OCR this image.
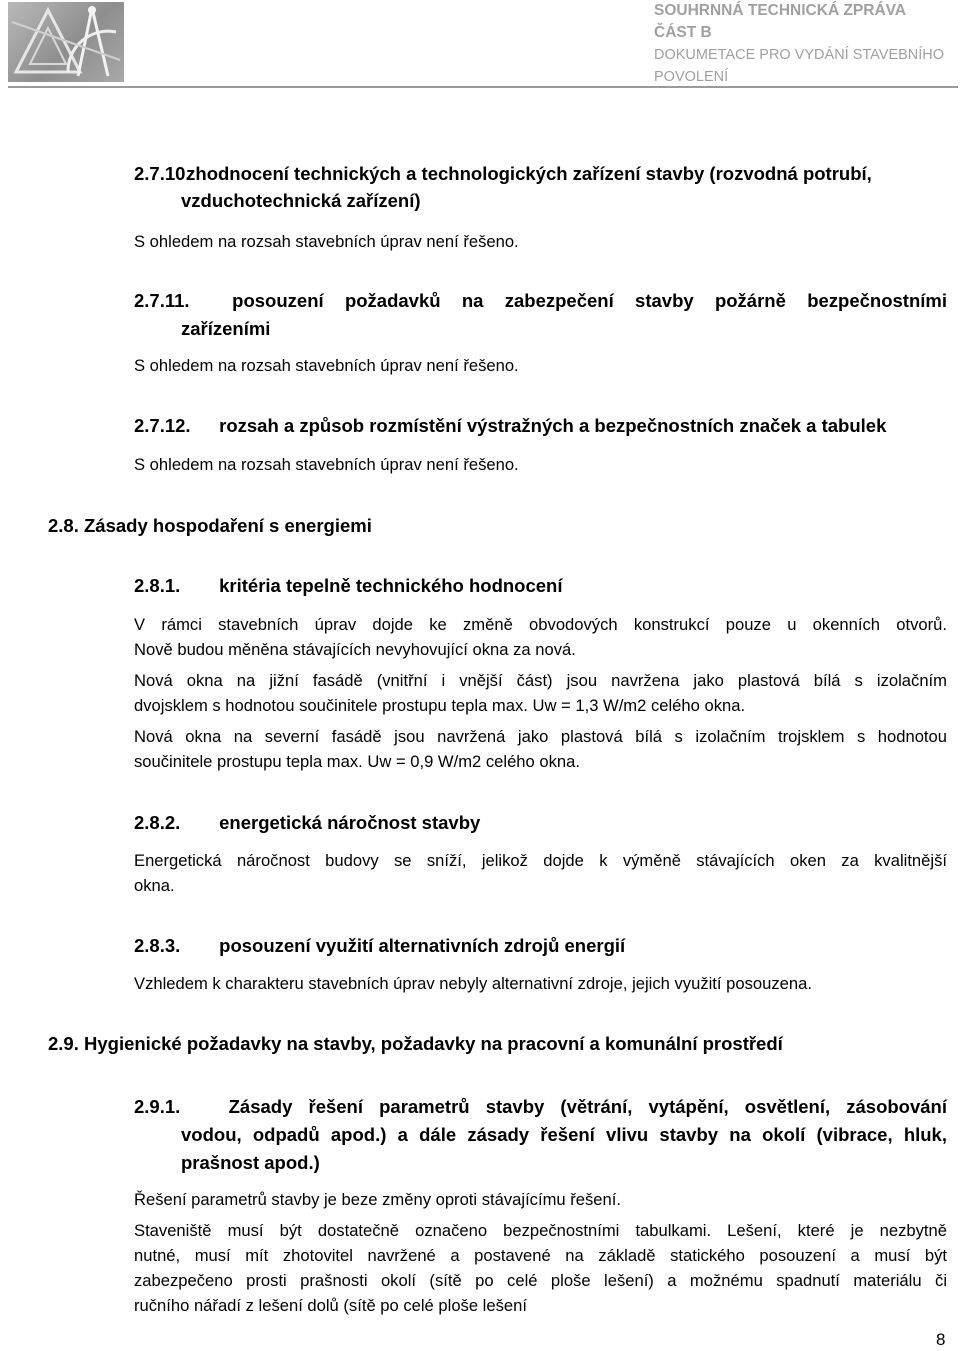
SOUHRNNÁ TECHNICKÁ ZPRÁVA
ČÁST B
DOKUMETACE PRO VYDÁNÍ STAVEBNÍHO
POVOLENÍ
2.7.10. zhodnocení technických a technologických zařízení stavby (rozvodná potrubí,
vzduchotechnická zařízení)
S ohledem na rozsah stavebních úprav není řešeno.
2.7.11. posouzení požadavků na zabezpečení stavby požárně bezpečnostními
zařízeními
S ohledem na rozsah stavebních úprav není řešeno.
2.7.12. rozsah a způsob rozmístění výstražných a bezpečnostních značek a tabulek
S ohledem na rozsah stavebních úprav není řešeno.
2.8. Zásady hospodaření s energiemi
2.8.1. kritéria tepelně technického hodnocení
V rámci stavebních úprav dojde ke změně obvodových konstrukcí pouze u okenních otvorů.
Nově budou měněna stávajících nevyhovující okna za nová.
Nová okna na jižní fasádě (vnitřní i vnější část) jsou navržena jako plastová bílá s izolačním
dvojsklem s hodnotou součinitele prostupu tepla max. Uw = 1,3 W/m2 celého okna.
Nová okna na severní fasádě jsou navržená jako plastová bílá s izolačním trojsklem s hodnotou
součinitele prostupu tepla max. Uw = 0,9 W/m2 celého okna.
2.8.2. energetická náročnost stavby
Energetická náročnost budovy se sníží, jelikož dojde k výměně stávajících oken za kvalitnější
okna.
2.8.3. posouzení využití alternativních zdrojů energií
Vzhledem k charakteru stavebních úprav nebyly alternativní zdroje, jejich využití posouzena.
2.9. Hygienické požadavky na stavby, požadavky na pracovní a komunální prostředí
2.9.1.	Zásady řešení parametrů stavby (větrání, vytápění, osvětlení, zásobování
vodou, odpadů apod.) a dále zásady řešení vlivu stavby na okolí (vibrace, hluk,
prašnost apod.)
Řešení parametrů stavby je beze změny oproti stávajícímu řešení.
Staveniště musí být dostatečně označeno bezpečnostními tabulkami. Lešení, které je nezbytně
nutné, musí mít zhotovitel navržené a postavené na základě statického posouzení a musí být
zabezpečeno prosti prašnosti okolí (sítě po celé ploše lešení) a možnému spadnutí materiálu či
ručního nářadí z lešení dolů (sítě po celé ploše lešení
8
